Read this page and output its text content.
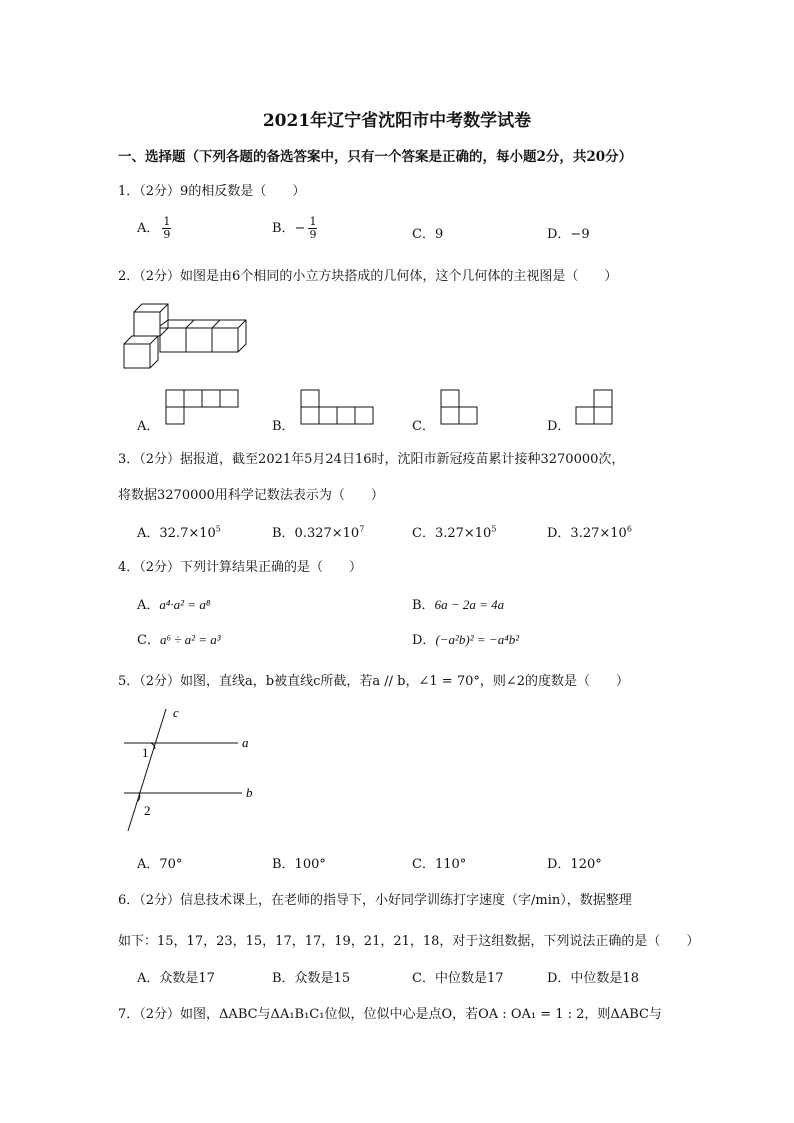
2021年辽宁省沈阳市中考数学试卷
一、选择题（下列各题的备选答案中，只有一个答案是正确的，每小题2分，共20分）
1．（2分）9的相反数是（　　）
A． $\frac{1}{9}$	B．− $\frac{1}{9}$	C．9	D．−9
2．（2分）如图是由6个相同的小立方块搭成的几何体，这个几何体的主视图是（　　）
A．	B．	C．	D．
3．（2分）据报道，截至2021年5月24日16时，沈阳市新冠疫苗累计接种3270000次，
将数据3270000用科学记数法表示为（　　）
A．$32.7\times 10^5$	B．$0.327\times 10^7$	C．$3.27\times 10^5$	D．$3.27\times 10^6$
4．（2分）下列计算结果正确的是（　　）
A．a⁴·a² = a⁸	B．6a − 2a = 4a
C．a⁶ ÷ a² = a³	D．(−a²b)² = −a⁴b²
5．（2分）如图，直线a，b被直线c所截，若a // b，∠1 = 70°，则∠2的度数是（　　）
c
a
b
1
2
A．70°	B．100°	C．110°	D．120°
6．（2分）信息技术课上，在老师的指导下，小好同学训练打字速度（字/min），数据整理
如下：15，17，23，15，17，17，19，21，21，18，对于这组数据，下列说法正确的是（　　）
A．众数是17	B．众数是15	C．中位数是17	D．中位数是18
7．（2分）如图，ΔABC与ΔA₁B₁C₁位似，位似中心是点O，若OA : OA₁ = 1 : 2，则ΔABC与
